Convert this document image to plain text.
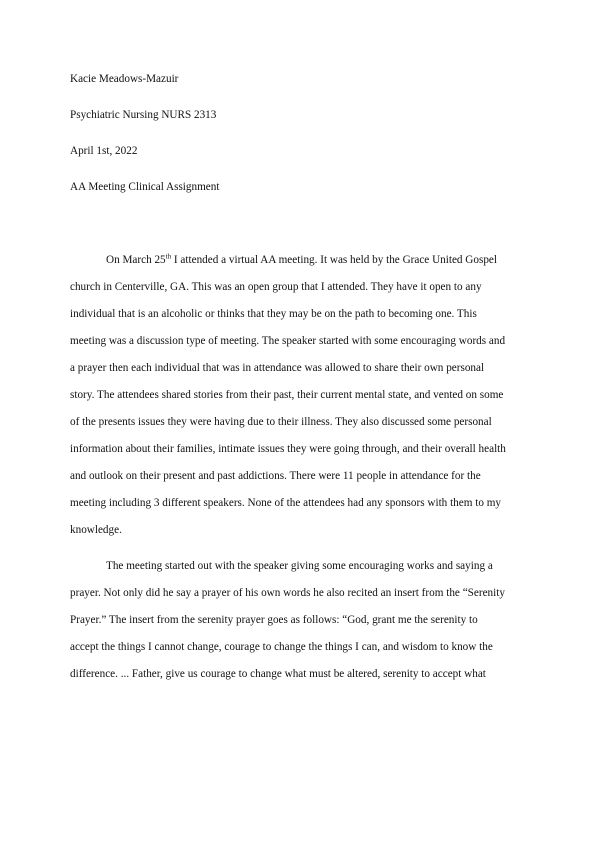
Kacie Meadows-Mazuir
Psychiatric Nursing NURS 2313
April 1st, 2022
AA Meeting Clinical Assignment
On March 25th I attended a virtual AA meeting. It was held by the Grace United Gospel
church in Centerville, GA. This was an open group that I attended. They have it open to any
individual that is an alcoholic or thinks that they may be on the path to becoming one. This
meeting was a discussion type of meeting. The speaker started with some encouraging words and
a prayer then each individual that was in attendance was allowed to share their own personal
story. The attendees shared stories from their past, their current mental state, and vented on some
of the presents issues they were having due to their illness. They also discussed some personal
information about their families, intimate issues they were going through, and their overall health
and outlook on their present and past addictions. There were 11 people in attendance for the
meeting including 3 different speakers. None of the attendees had any sponsors with them to my
knowledge.
The meeting started out with the speaker giving some encouraging works and saying a
prayer. Not only did he say a prayer of his own words he also recited an insert from the “Serenity
Prayer.” The insert from the serenity prayer goes as follows: “God, grant me the serenity to
accept the things I cannot change, courage to change the things I can, and wisdom to know the
difference. ... Father, give us courage to change what must be altered, serenity to accept what
